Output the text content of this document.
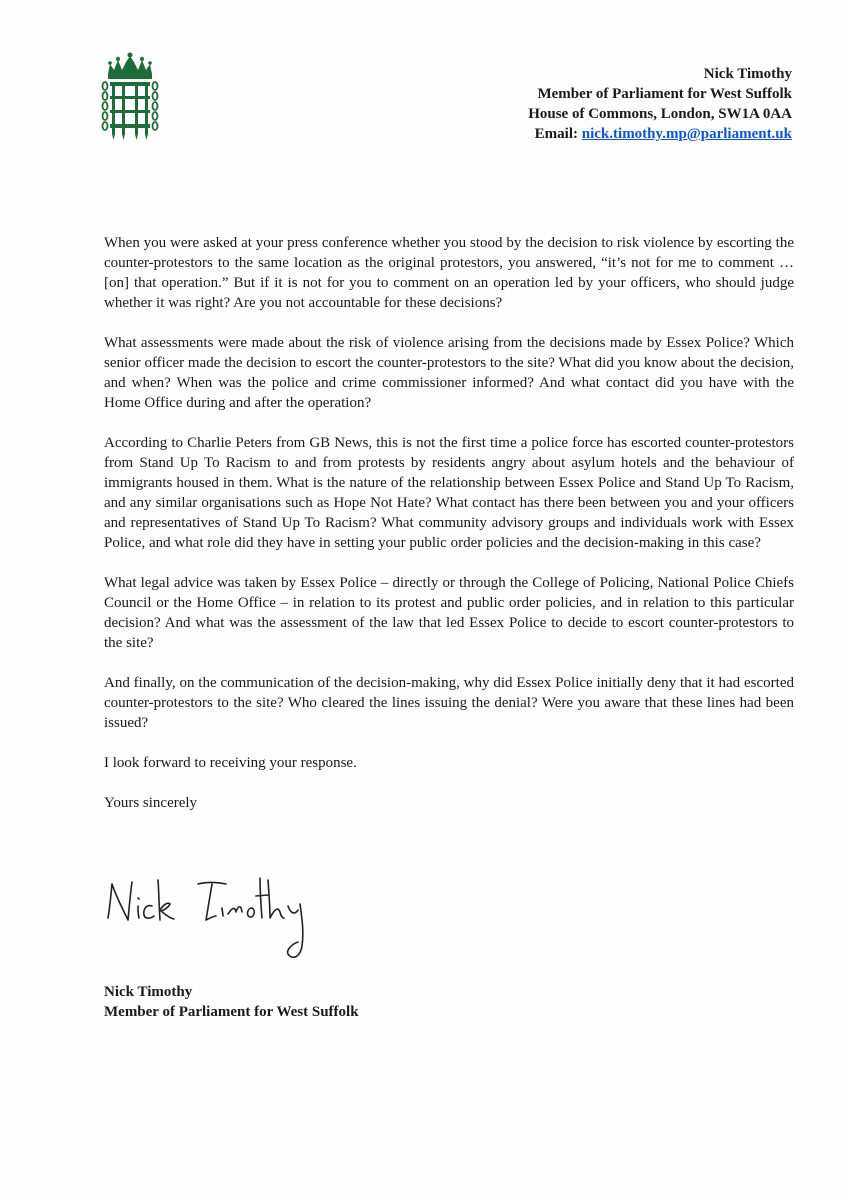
Nick Timothy
Member of Parliament for West Suffolk
House of Commons, London, SW1A 0AA
Email: nick.timothy.mp@parliament.uk

When you were asked at your press conference whether you stood by the decision to risk violence by escorting the counter-protestors to the same location as the original protestors, you answered, “it’s not for me to comment … [on] that operation.” But if it is not for you to comment on an operation led by your officers, who should judge whether it was right? Are you not accountable for these decisions?

What assessments were made about the risk of violence arising from the decisions made by Essex Police? Which senior officer made the decision to escort the counter-protestors to the site? What did you know about the decision, and when? When was the police and crime commissioner informed? And what contact did you have with the Home Office during and after the operation?

According to Charlie Peters from GB News, this is not the first time a police force has escorted counter-protestors from Stand Up To Racism to and from protests by residents angry about asylum hotels and the behaviour of immigrants housed in them. What is the nature of the relationship between Essex Police and Stand Up To Racism, and any similar organisations such as Hope Not Hate? What contact has there been between you and your officers and representatives of Stand Up To Racism? What community advisory groups and individuals work with Essex Police, and what role did they have in setting your public order policies and the decision-making in this case?

What legal advice was taken by Essex Police – directly or through the College of Policing, National Police Chiefs Council or the Home Office – in relation to its protest and public order policies, and in relation to this particular decision? And what was the assessment of the law that led Essex Police to decide to escort counter-protestors to the site?

And finally, on the communication of the decision-making, why did Essex Police initially deny that it had escorted counter-protestors to the site? Who cleared the lines issuing the denial? Were you aware that these lines had been issued?

I look forward to receiving your response.

Yours sincerely

Nick Timothy
Member of Parliament for West Suffolk
